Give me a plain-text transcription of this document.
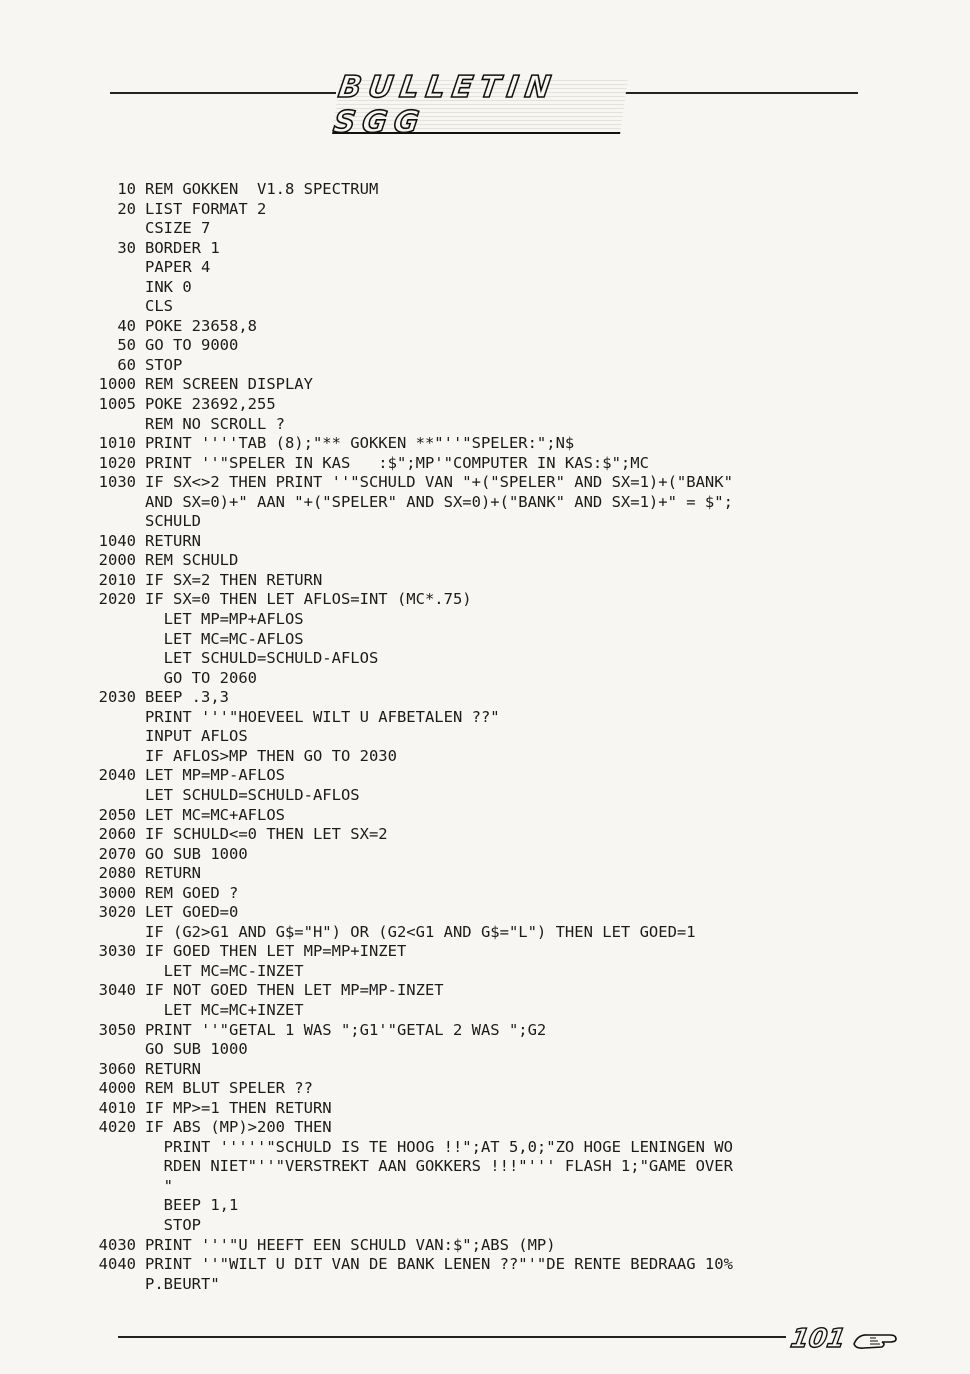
BULLETIN SGG
10 REM GOKKEN  V1.8 SPECTRUM
20 LIST FORMAT 2
CSIZE 7
30 BORDER 1
PAPER 4
INK 0
CLS
40 POKE 23658,8
50 GO TO 9000
60 STOP
1000 REM SCREEN DISPLAY
1005 POKE 23692,255
REM NO SCROLL ?
1010 PRINT ''''TAB (8);"** GOKKEN **"''"SPELER:";N$
1020 PRINT ''"SPELER IN KAS   :$";MP'"COMPUTER IN KAS:$";MC
1030 IF SX<>2 THEN PRINT ''"SCHULD VAN "+("SPELER" AND SX=1)+("BANK"
AND SX=0)+" AAN "+("SPELER" AND SX=0)+("BANK" AND SX=1)+" = $";
SCHULD
1040 RETURN
2000 REM SCHULD
2010 IF SX=2 THEN RETURN
2020 IF SX=0 THEN LET AFLOS=INT (MC*.75)
LET MP=MP+AFLOS
LET MC=MC-AFLOS
LET SCHULD=SCHULD-AFLOS
GO TO 2060
2030 BEEP .3,3
PRINT '''"HOEVEEL WILT U AFBETALEN ??"
INPUT AFLOS
IF AFLOS>MP THEN GO TO 2030
2040 LET MP=MP-AFLOS
LET SCHULD=SCHULD-AFLOS
2050 LET MC=MC+AFLOS
2060 IF SCHULD<=0 THEN LET SX=2
2070 GO SUB 1000
2080 RETURN
3000 REM GOED ?
3020 LET GOED=0
IF (G2>G1 AND G$="H") OR (G2<G1 AND G$="L") THEN LET GOED=1
3030 IF GOED THEN LET MP=MP+INZET
LET MC=MC-INZET
3040 IF NOT GOED THEN LET MP=MP-INZET
LET MC=MC+INZET
3050 PRINT ''"GETAL 1 WAS ";G1'"GETAL 2 WAS ";G2
GO SUB 1000
3060 RETURN
4000 REM BLUT SPELER ??
4010 IF MP>=1 THEN RETURN
4020 IF ABS (MP)>200 THEN
PRINT '''''"SCHULD IS TE HOOG !!";AT 5,0;"ZO HOGE LENINGEN WO
RDEN NIET"''"VERSTREKT AAN GOKKERS !!!"''' FLASH 1;"GAME OVER
"
BEEP 1,1
STOP
4030 PRINT '''"U HEEFT EEN SCHULD VAN:$";ABS (MP)
4040 PRINT ''"WILT U DIT VAN DE BANK LENEN ??"'"DE RENTE BEDRAAG 10%
P.BEURT"
101
